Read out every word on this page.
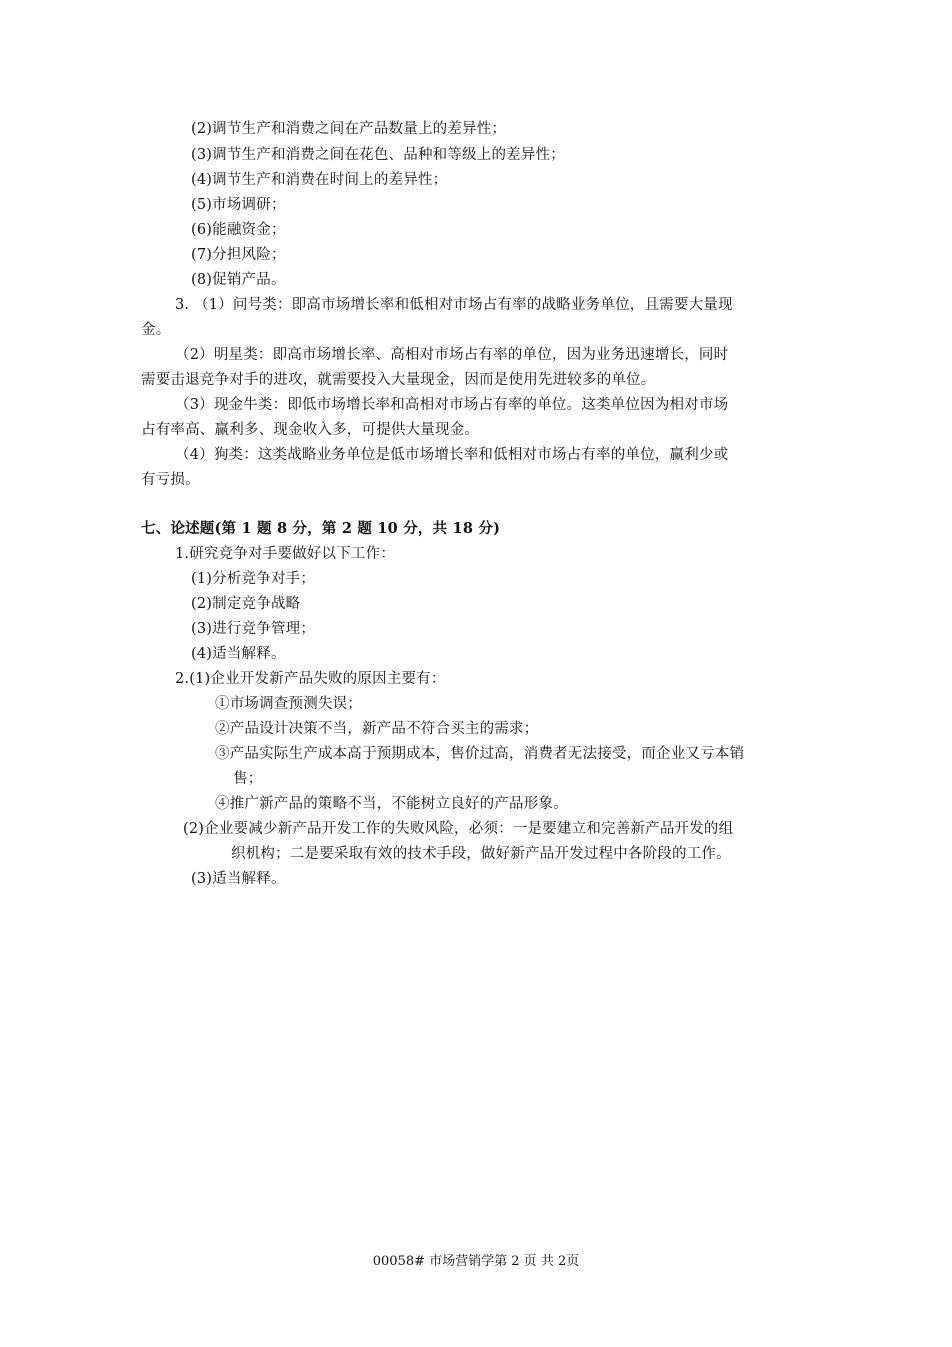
(2)调节生产和消费之间在产品数量上的差异性；
(3)调节生产和消费之间在花色、品种和等级上的差异性；
(4)调节生产和消费在时间上的差异性；
(5)市场调研；
(6)能融资金；
(7)分担风险；
(8)促销产品。
3. （1）问号类：即高市场增长率和低相对市场占有率的战略业务单位，且需要大量现
金。
（2）明星类：即高市场增长率、高相对市场占有率的单位，因为业务迅速增长，同时
需要击退竞争对手的进攻，就需要投入大量现金，因而是使用先进较多的单位。
（3）现金牛类：即低市场增长率和高相对市场占有率的单位。这类单位因为相对市场
占有率高、赢利多、现金收入多，可提供大量现金。
（4）狗类：这类战略业务单位是低市场增长率和低相对市场占有率的单位，赢利少或
有亏损。
七、论述题(第 1 题 8 分，第 2 题 10 分，共 18 分)
1.研究竞争对手要做好以下工作：
(1)分析竞争对手；
(2)制定竞争战略
(3)进行竞争管理；
(4)适当解释。
2.(1)企业开发新产品失败的原因主要有：
①市场调查预测失误；
②产品设计决策不当，新产品不符合买主的需求；
③产品实际生产成本高于预期成本，售价过高，消费者无法接受，而企业又亏本销
售；
④推广新产品的策略不当，不能树立良好的产品形象。
(2)企业要减少新产品开发工作的失败风险，必须：一是要建立和完善新产品开发的组
织机构；二是要采取有效的技术手段，做好新产品开发过程中各阶段的工作。
(3)适当解释。
00058# 市场营销学第 2 页 共 2页
